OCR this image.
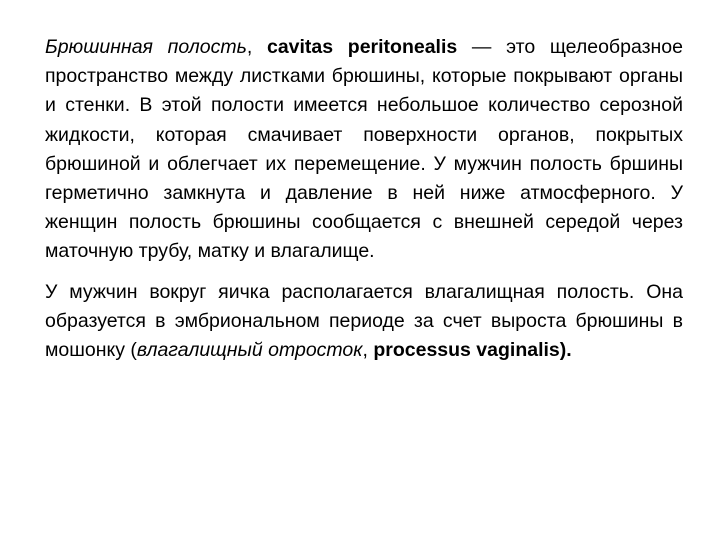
Брюшинная полость, cavitas peritonealis — это щелеобразное пространство между листками брюшины, которые покрывают органы и стенки. В этой полости имеется небольшое количество серозной жидкости, которая смачивает поверхности органов, покрытых брюшиной и облегчает их перемещение. У мужчин полость бршины герметично замкнута и давление в ней ниже атмосферного. У женщин полость брюшины сообщается с внешней середой через маточную трубу, матку и влагалище.

У мужчин вокруг яичка располагается влагалищная полость. Она образуется в эмбриональном периоде за счет выроста брюшины в мошонку (влагалищный отросток, processus vaginalis).
